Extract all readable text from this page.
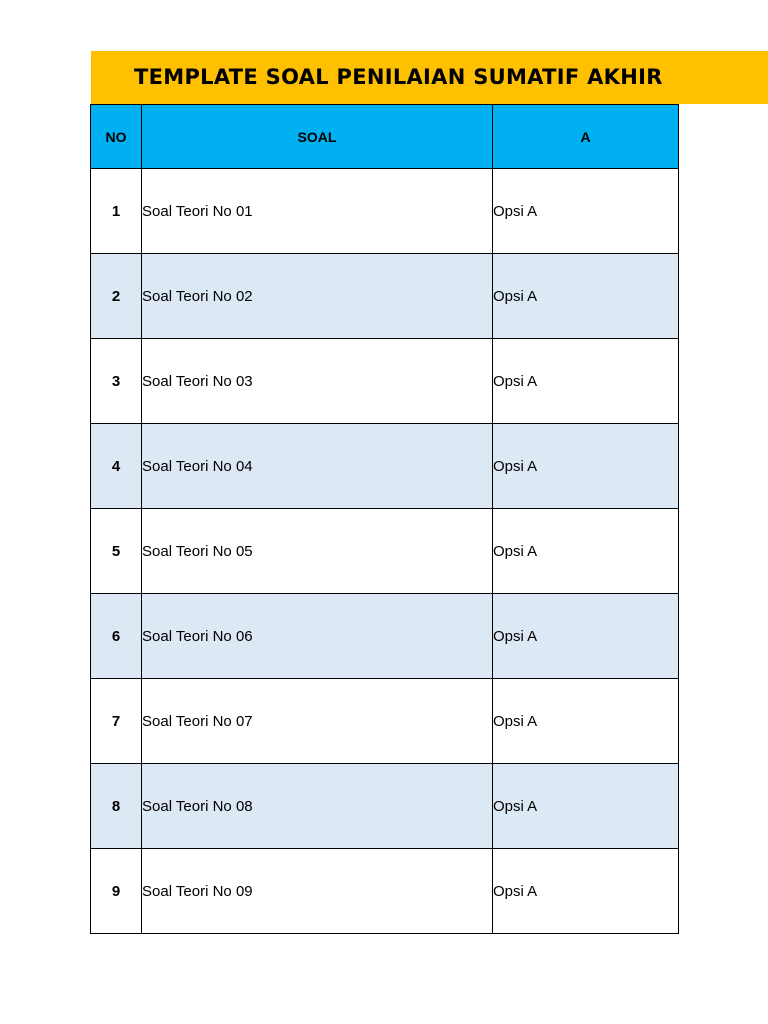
TEMPLATE SOAL PENILAIAN SUMATIF AKHIR
NO	SOAL	A
1	Soal Teori No 01	Opsi A
2	Soal Teori No 02	Opsi A
3	Soal Teori No 03	Opsi A
4	Soal Teori No 04	Opsi A
5	Soal Teori No 05	Opsi A
6	Soal Teori No 06	Opsi A
7	Soal Teori No 07	Opsi A
8	Soal Teori No 08	Opsi A
9	Soal Teori No 09	Opsi A
